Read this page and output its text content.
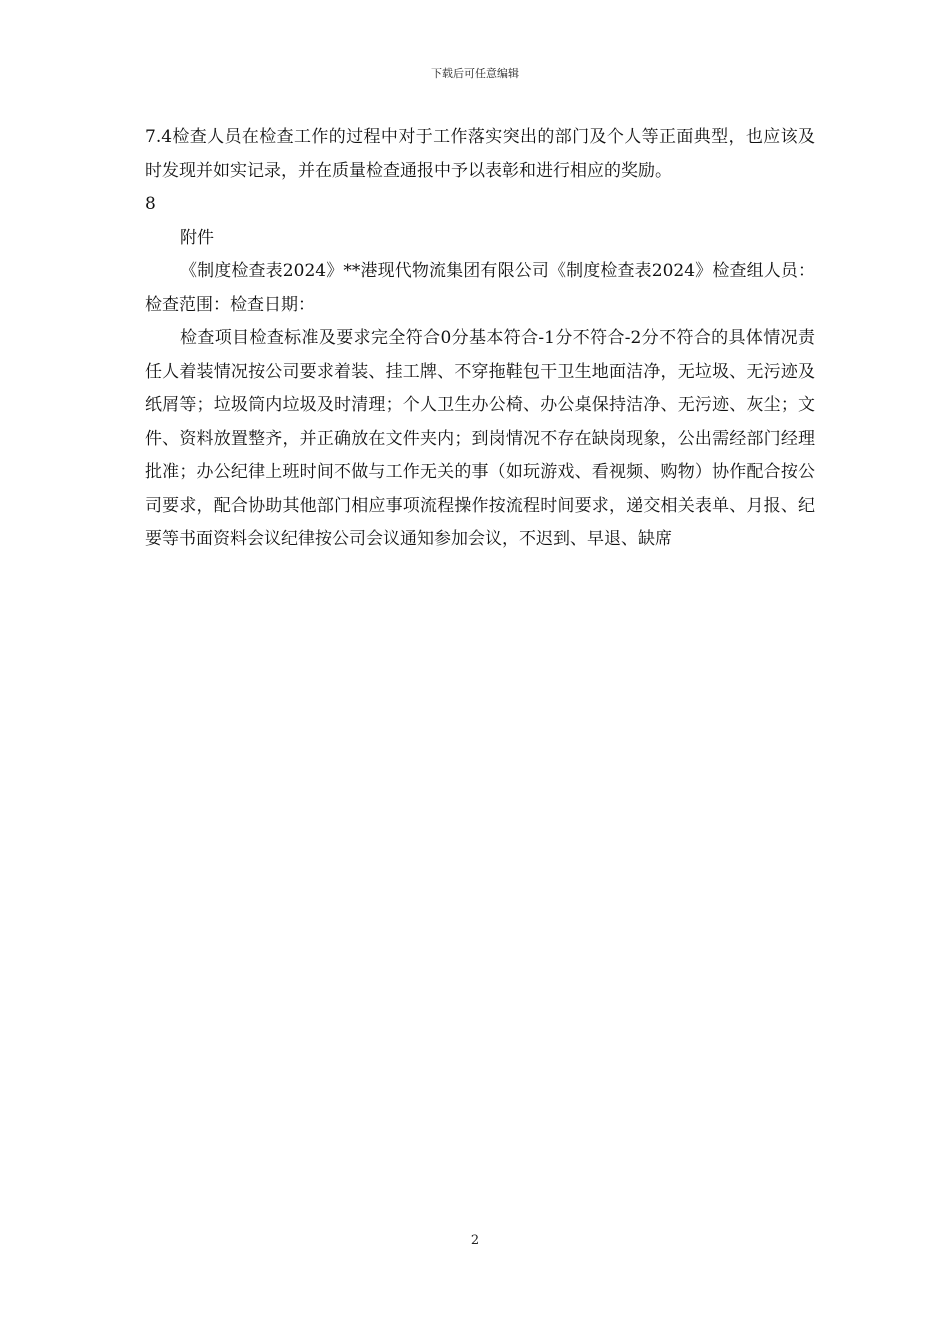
下载后可任意编辑

7.4检查人员在检查工作的过程中对于工作落实突出的部门及个人等正面典型，也应该及时发现并如实记录，并在质量检查通报中予以表彰和进行相应的奖励。

8

附件

《制度检查表2024》**港现代物流集团有限公司《制度检查表2024》检查组人员：检查范围：检查日期：

检查项目检查标准及要求完全符合0分基本符合-1分不符合-2分不符合的具体情况责任人着装情况按公司要求着装、挂工牌、不穿拖鞋包干卫生地面洁净，无垃圾、无污迹及纸屑等；垃圾筒内垃圾及时清理；个人卫生办公椅、办公桌保持洁净、无污迹、灰尘；文件、资料放置整齐，并正确放在文件夹内；到岗情况不存在缺岗现象，公出需经部门经理批准；办公纪律上班时间不做与工作无关的事（如玩游戏、看视频、购物）协作配合按公司要求，配合协助其他部门相应事项流程操作按流程时间要求，递交相关表单、月报、纪要等书面资料会议纪律按公司会议通知参加会议，不迟到、早退、缺席

2
